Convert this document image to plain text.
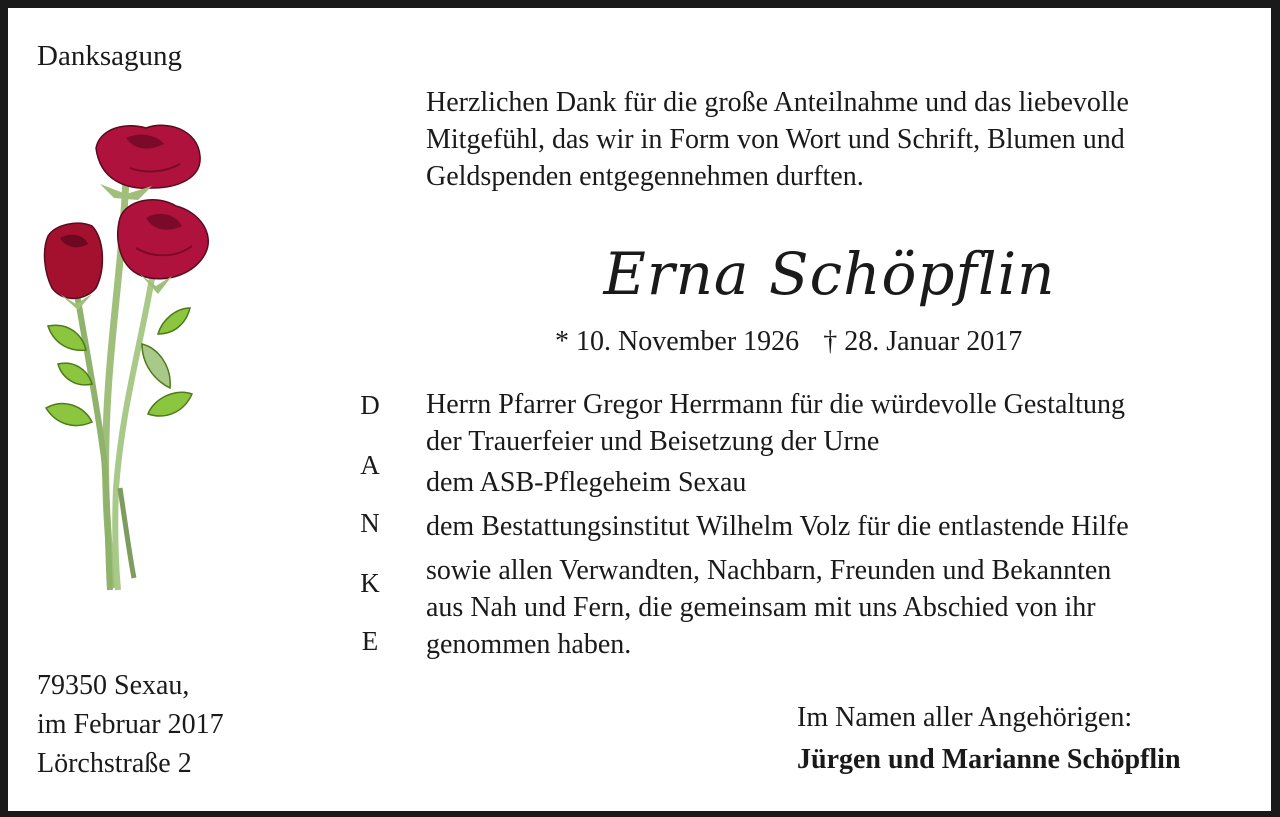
Danksagung
Herzlichen Dank für die große Anteilnahme und das liebevolle
Mitgefühl, das wir in Form von Wort und Schrift, Blumen und
Geldspenden entgegennehmen durften.
Erna Schöpflin
* 10. November 1926 † 28. Januar 2017
D
A
N
K
E
Herrn Pfarrer Gregor Herrmann für die würdevolle Gestaltung
der Trauerfeier und Beisetzung der Urne
dem ASB-Pflegeheim Sexau
dem Bestattungsinstitut Wilhelm Volz für die entlastende Hilfe
sowie allen Verwandten, Nachbarn, Freunden und Bekannten
aus Nah und Fern, die gemeinsam mit uns Abschied von ihr
genommen haben.
79350 Sexau,
im Februar 2017
Lörchstraße 2
Im Namen aller Angehörigen:
Jürgen und Marianne Schöpflin
